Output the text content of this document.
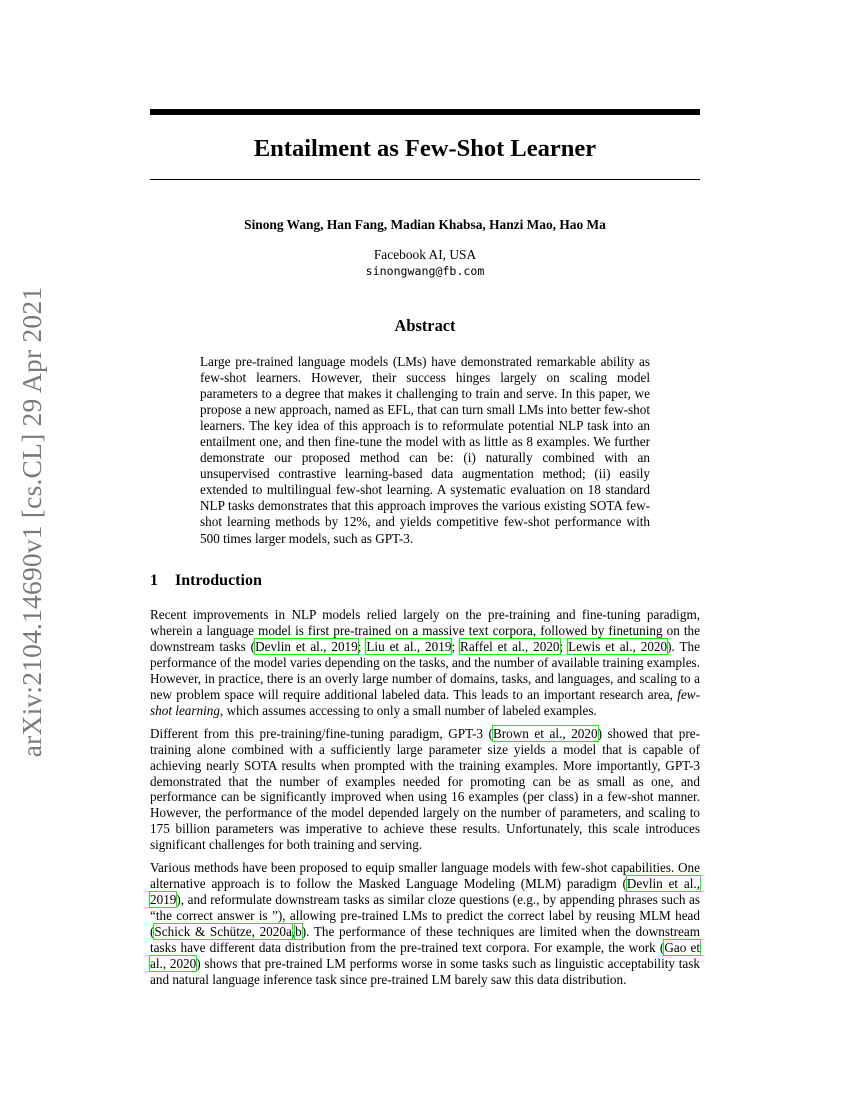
arXiv:2104.14690v1 [cs.CL] 29 Apr 2021
Entailment as Few-Shot Learner
Sinong Wang, Han Fang, Madian Khabsa, Hanzi Mao, Hao Ma
Facebook AI, USA
sinongwang@fb.com
Abstract
Large pre-trained language models (LMs) have demonstrated remarkable ability as few-shot learners. However, their success hinges largely on scaling model parameters to a degree that makes it challenging to train and serve. In this paper, we propose a new approach, named as EFL, that can turn small LMs into better few-shot learners. The key idea of this approach is to reformulate potential NLP task into an entailment one, and then fine-tune the model with as little as 8 examples. We further demonstrate our proposed method can be: (i) naturally combined with an unsupervised contrastive learning-based data augmentation method; (ii) easily extended to multilingual few-shot learning. A systematic evaluation on 18 standard NLP tasks demonstrates that this approach improves the various existing SOTA few-shot learning methods by 12%, and yields competitive few-shot performance with 500 times larger models, such as GPT-3.
1 Introduction

Recent improvements in NLP models relied largely on the pre-training and fine-tuning paradigm, wherein a language model is first pre-trained on a massive text corpora, followed by finetuning on the downstream tasks (Devlin et al., 2019; Liu et al., 2019; Raffel et al., 2020; Lewis et al., 2020). The performance of the model varies depending on the tasks, and the number of available training examples. However, in practice, there is an overly large number of domains, tasks, and languages, and scaling to a new problem space will require additional labeled data. This leads to an important research area, few-shot learning, which assumes accessing to only a small number of labeled examples.

Different from this pre-training/fine-tuning paradigm, GPT-3 (Brown et al., 2020) showed that pre-training alone combined with a sufficiently large parameter size yields a model that is capable of achieving nearly SOTA results when prompted with the training examples. More importantly, GPT-3 demonstrated that the number of examples needed for promoting can be as small as one, and performance can be significantly improved when using 16 examples (per class) in a few-shot manner. However, the performance of the model depended largely on the number of parameters, and scaling to 175 billion parameters was imperative to achieve these results. Unfortunately, this scale introduces significant challenges for both training and serving.

Various methods have been proposed to equip smaller language models with few-shot capabilities. One alternative approach is to follow the Masked Language Modeling (MLM) paradigm (Devlin et al., 2019), and reformulate downstream tasks as similar cloze questions (e.g., by appending phrases such as “the correct answer is ”), allowing pre-trained LMs to predict the correct label by reusing MLM head (Schick & Schütze, 2020a,b). The performance of these techniques are limited when the downstream tasks have different data distribution from the pre-trained text corpora. For example, the work (Gao et al., 2020) shows that pre-trained LM performs worse in some tasks such as linguistic acceptability task and natural language inference task since pre-trained LM barely saw this data distribution.
